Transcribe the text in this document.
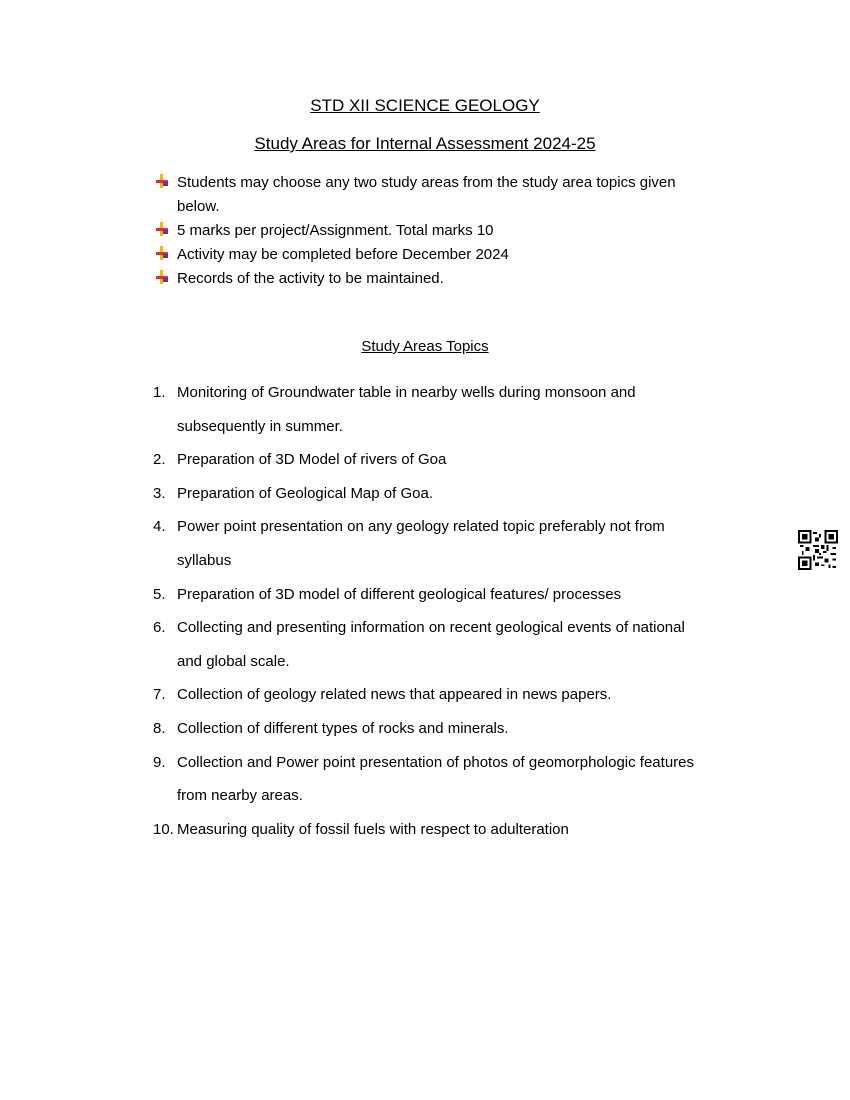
STD XII SCIENCE GEOLOGY
Study Areas for Internal Assessment 2024-25
Students may choose any two study areas from the study area topics given below.
5 marks per project/Assignment. Total marks 10
Activity may be completed before December 2024
Records of the activity to be maintained.
Study Areas Topics
1. Monitoring of Groundwater table in nearby wells during monsoon and subsequently in summer.
2. Preparation of 3D Model of rivers of Goa
3. Preparation of Geological Map of Goa.
4. Power point presentation on any geology related topic preferably not from syllabus
5. Preparation of 3D model of different geological features/ processes
6. Collecting and presenting information on recent geological events of national and global scale.
7. Collection of geology related news that appeared in news papers.
8. Collection of different types of rocks and minerals.
9. Collection and Power point presentation of photos of geomorphologic features from nearby areas.
10. Measuring quality of fossil fuels with respect to adulteration
